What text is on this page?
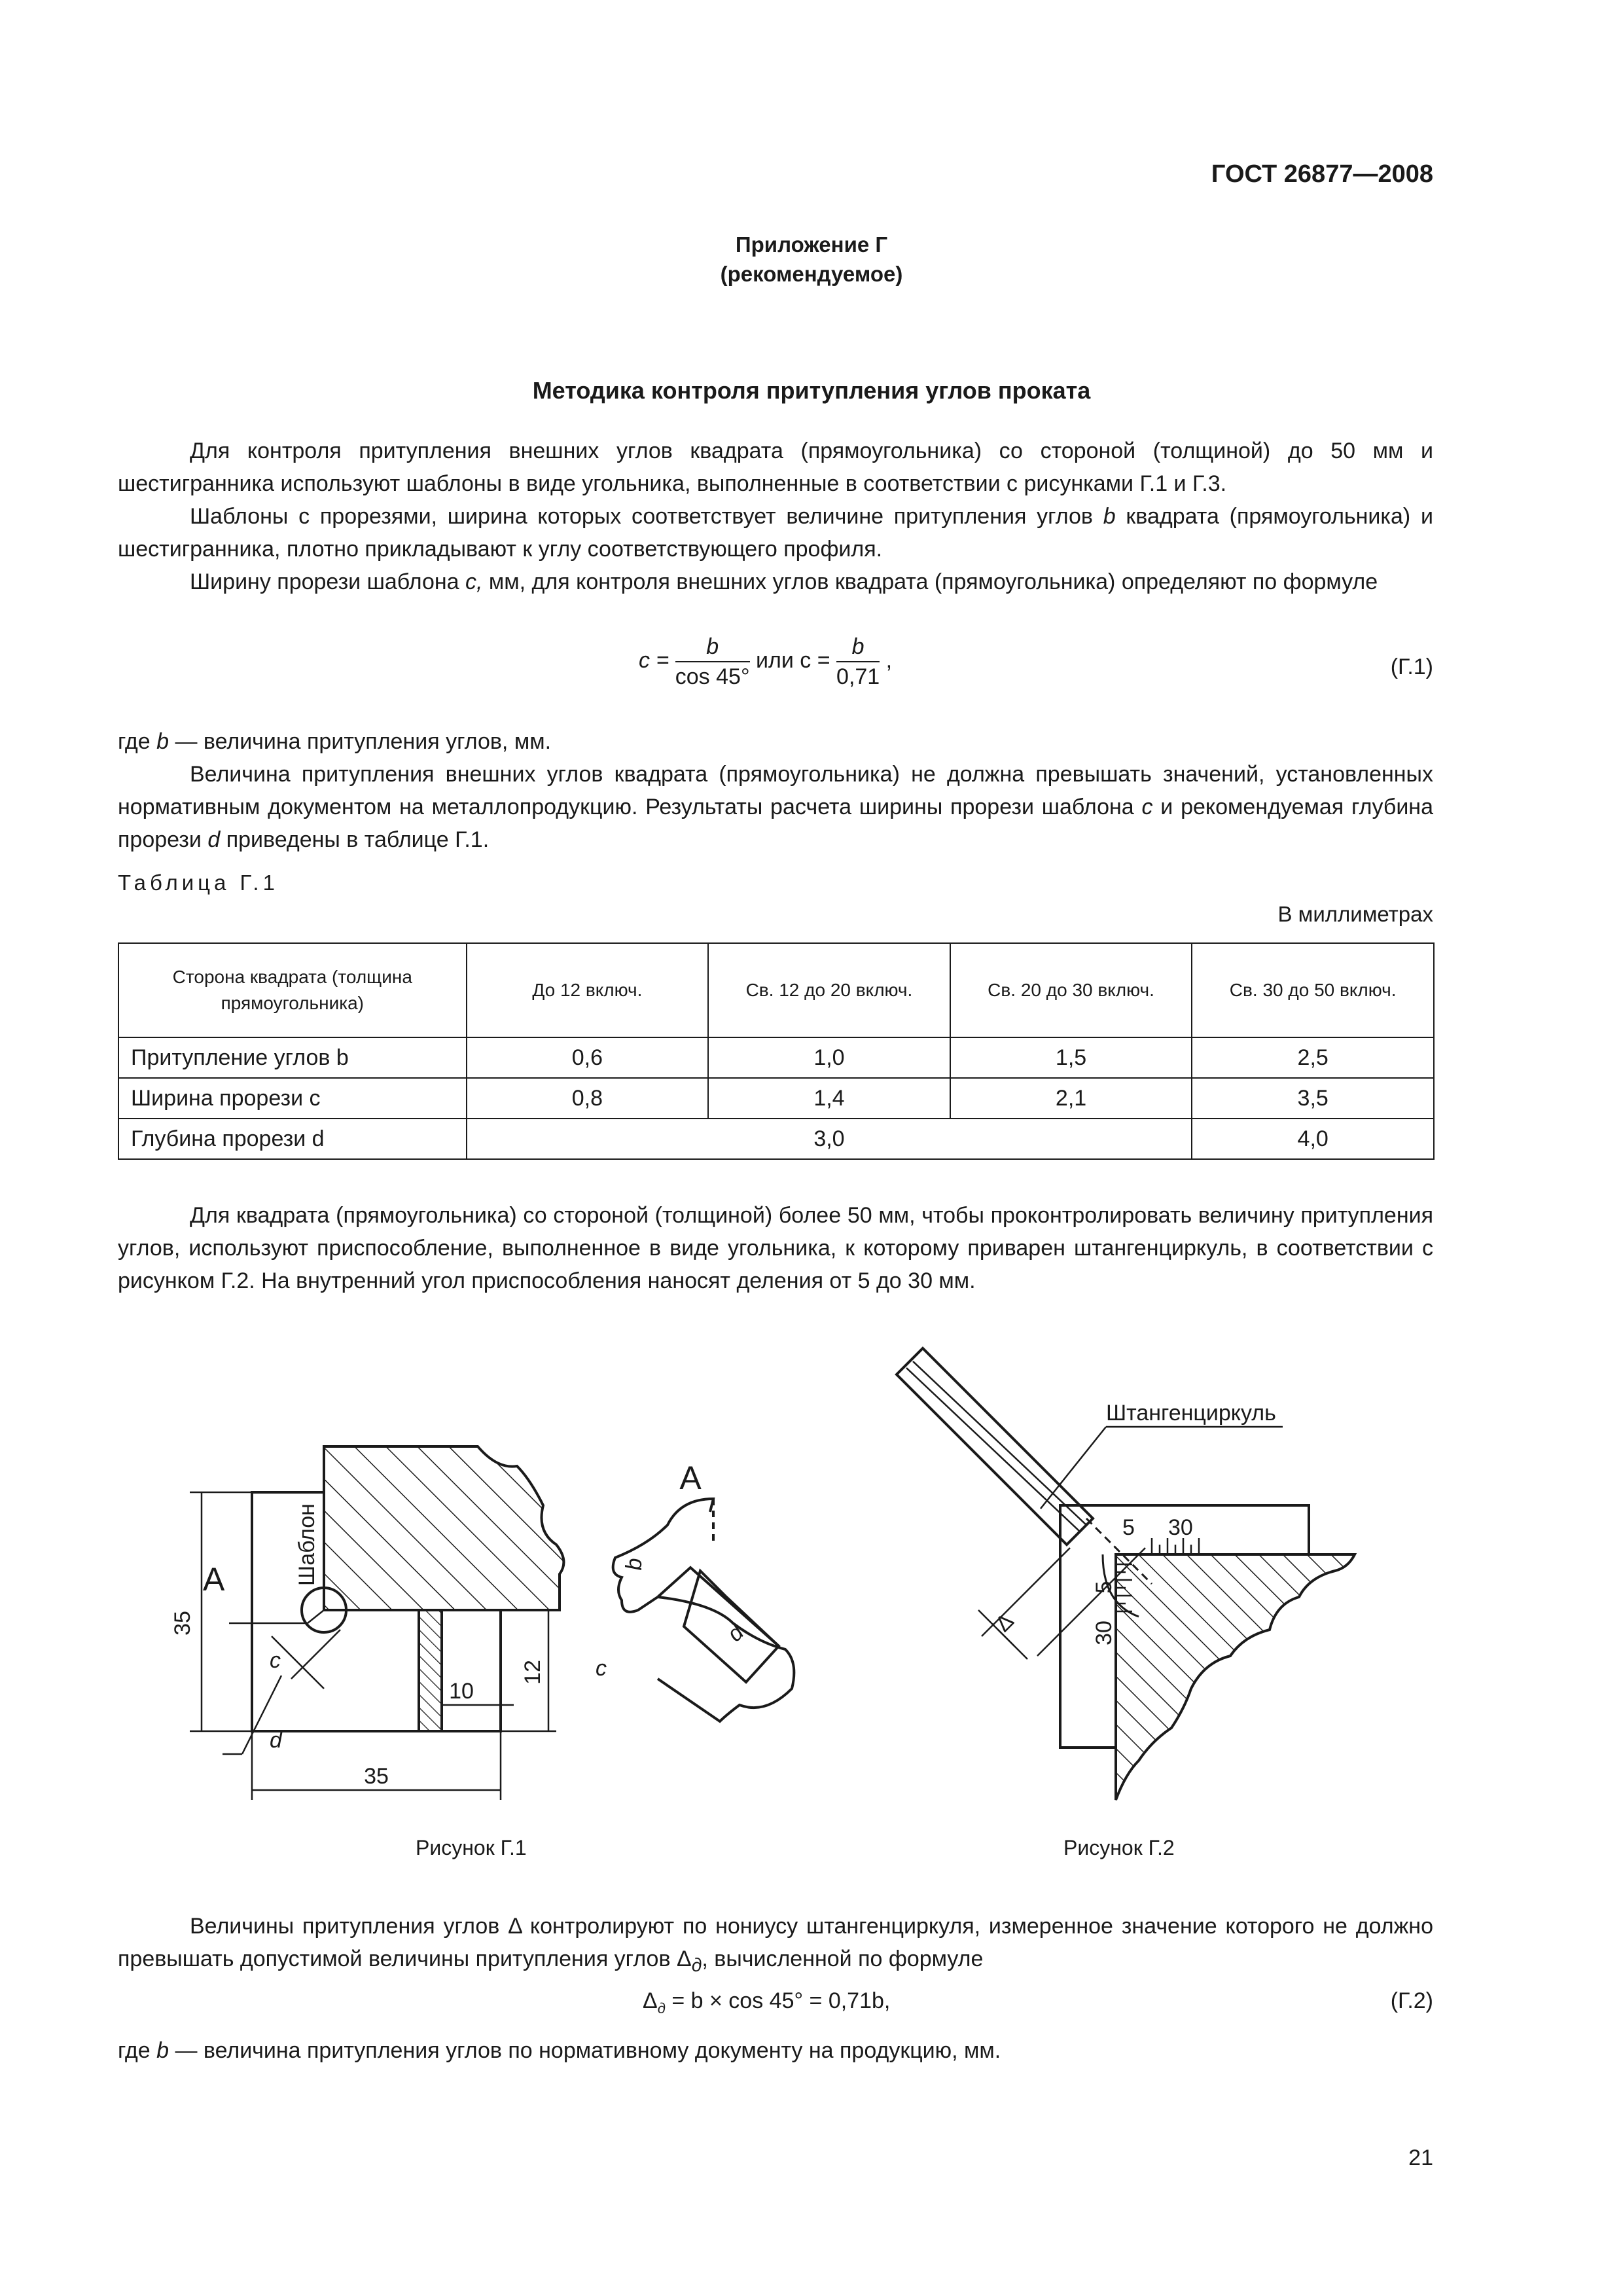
ГОСТ 26877—2008
Приложение Г
(рекомендуемое)
Методика контроля притупления углов проката

Для контроля притупления внешних углов квадрата (прямоугольника) со стороной (толщиной) до 50 мм и шестигранника используют шаблоны в виде угольника, выполненные в соответствии с рисунками Г.1 и Г.3.

Шаблоны с прорезями, ширина которых соответствует величине притупления углов b квадрата (прямоугольника) и шестигранника, плотно прикладывают к углу соответствующего профиля.

Ширину прорези шаблона c, мм, для контроля внешних углов квадрата (прямоугольника) определяют по формуле

$c = \frac{b}{\cos 45^\circ}$ или $c = \frac{b}{0,71}$ ,	(Г.1)

где b — величина притупления углов, мм.

Величина притупления внешних углов квадрата (прямоугольника) не должна превышать значений, установленных нормативным документом на металлопродукцию. Результаты расчета ширины прорези шаблона c и рекомендуемая глубина прорези d приведены в таблице Г.1.

Таблица Г.1
В миллиметрах
Сторона квадрата (толщина прямоугольника)	До 12 включ.	Св. 12 до 20 включ.	Св. 20 до 30 включ.	Св. 30 до 50 включ.
Притупление углов b	0,6	1,0	1,5	2,5
Ширина прорези c	0,8	1,4	2,1	3,5
Глубина прорези d	3,0			4,0

Для квадрата (прямоугольника) со стороной (толщиной) более 50 мм, чтобы проконтролировать величину притупления углов, используют приспособление, выполненное в виде угольника, к которому приварен штангенциркуль, в соответствии с рисунком Г.2. На внутренний угол приспособления наносят деления от 5 до 30 мм.

35
А	Шаблон
c
d
35
10
12
А
b
c
d
Рисунок Г.1
Штангенциркуль
5 30
5
30
Δ
Рисунок Г.2

Величины притупления углов Δ контролируют по нониусу штангенциркуля, измеренное значение которого не должно превышать допустимой величины притупления углов $\Delta_д$, вычисленной по формуле

$\Delta_д = b \times \cos 45^\circ = 0,71b$,	(Г.2)

где b — величина притупления углов по нормативному документу на продукцию, мм.

21
